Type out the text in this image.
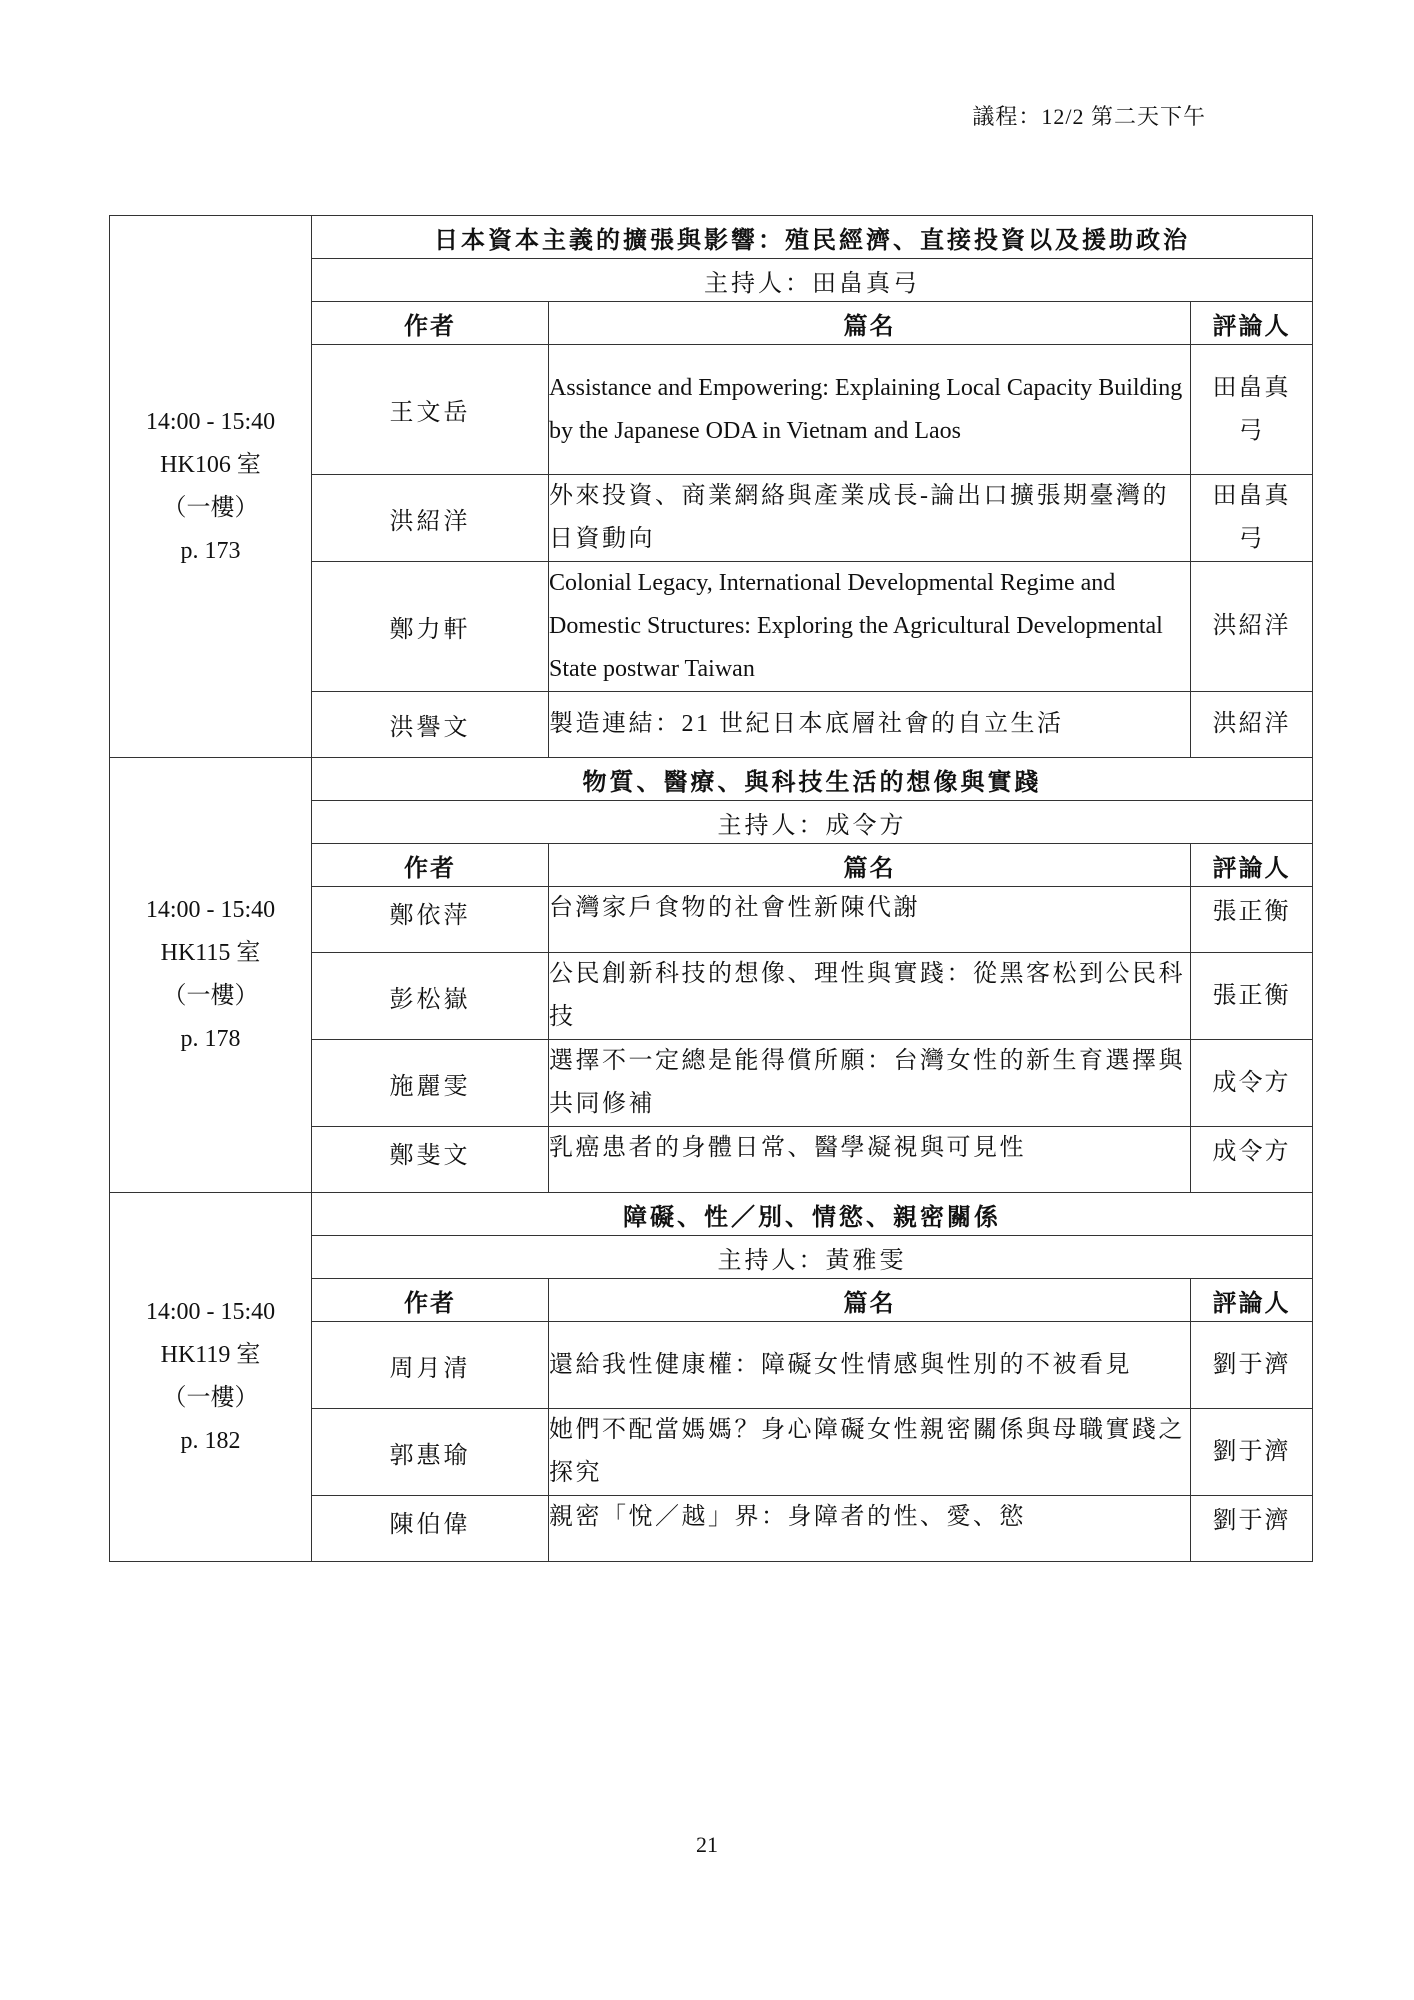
議程：12/2 第二天下午
14:00 - 15:40
HK106 室
（一樓）
p. 173	日本資本主義的擴張與影響：殖民經濟、直接投資以及援助政治		
	主持人：田畠真弓		
	作者	篇名	評論人
	王文岳	Assistance and Empowering: Explaining Local Capacity Building by the Japanese ODA in Vietnam and Laos	田畠真弓
	洪紹洋	外來投資、商業網絡與產業成長-論出口擴張期臺灣的日資動向	田畠真弓
	鄭力軒	Colonial Legacy, International Developmental Regime and Domestic Structures: Exploring the Agricultural Developmental State postwar Taiwan	洪紹洋
	洪譽文	製造連結：21 世紀日本底層社會的自立生活	洪紹洋

14:00 - 15:40
HK115 室
（一樓）
p. 178	物質、醫療、與科技生活的想像與實踐		
	主持人：成令方		
	作者	篇名	評論人
	鄭依萍	台灣家戶食物的社會性新陳代謝	張正衡
	彭松嶽	公民創新科技的想像、理性與實踐：從黑客松到公民科技	張正衡
	施麗雯	選擇不一定總是能得償所願：台灣女性的新生育選擇與共同修補	成令方
	鄭斐文	乳癌患者的身體日常、醫學凝視與可見性	成令方

14:00 - 15:40
HK119 室
（一樓）
p. 182	障礙、性／別、情慾、親密關係		
	主持人：黃雅雯		
	作者	篇名	評論人
	周月清	還給我性健康權：障礙女性情感與性別的不被看見	劉于濟
	郭惠瑜	她們不配當媽媽？身心障礙女性親密關係與母職實踐之探究	劉于濟
	陳伯偉	親密「悅／越」界：身障者的性、愛、慾	劉于濟
21
